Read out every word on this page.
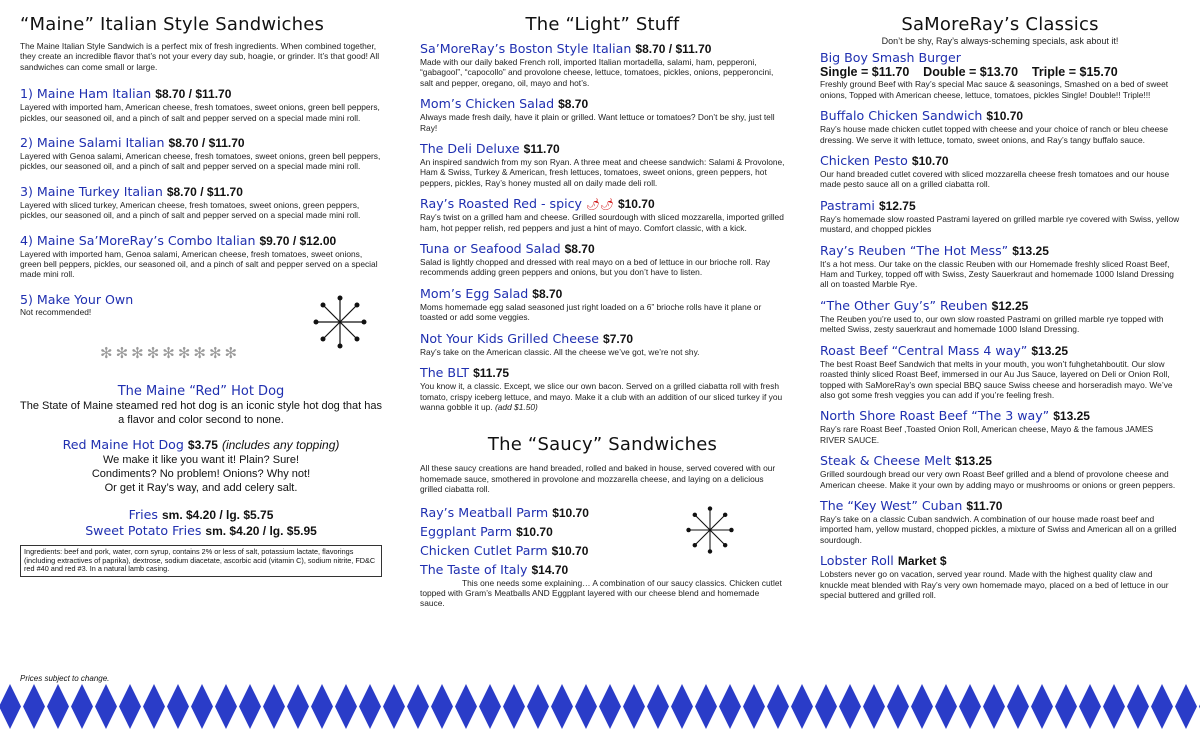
“Maine” Italian Style Sandwiches

The Maine Italian Style Sandwich is a perfect mix of fresh ingredients. When combined together, they create an incredible flavor that’s not your every day sub, hoagie, or grinder. It’s that good! All sandwiches can come small or large.

1) Maine Ham Italian $8.70 / $11.70

Layered with imported ham, American cheese, fresh tomatoes, sweet onions, green bell peppers, pickles, our seasoned oil, and a pinch of salt and pepper served on a special made mini roll.

2) Maine Salami Italian $8.70 / $11.70

Layered with Genoa salami, American cheese, fresh tomatoes, sweet onions, green bell peppers, pickles, our seasoned oil, and a pinch of salt and pepper served on a special made mini roll.

3) Maine Turkey Italian $8.70 / $11.70

Layered with sliced turkey, American cheese, fresh tomatoes, sweet onions, green peppers, pickles, our seasoned oil, and a pinch of salt and pepper served on a special made mini roll.

4) Maine Sa’MoreRay’s Combo Italian $9.70 / $12.00

Layered with imported ham, Genoa salami, American cheese, fresh tomatoes, sweet onions, green bell peppers, pickles, our seasoned oil, and a pinch of salt and pepper served on a special made mini roll.

5) Make Your Own

Not recommended!

✻✻✻✻✻✻✻✻✻
The Maine “Red” Hot Dog

The State of Maine steamed red hot dog is an iconic style hot dog that has a flavor and color second to none.

Red Maine Hot Dog $3.75 (includes any topping)

We make it like you want it! Plain? Sure!

Condiments? No problem! Onions? Why not!

Or get it Ray’s way, and add celery salt.

Fries sm. $4.20 / lg. $5.75
Sweet Potato Fries sm. $4.20 / lg. $5.95
Ingredients: beef and pork, water, corn syrup, contains 2% or less of salt, potassium lactate, flavorings (including extractives of paprika), dextrose, sodium diacetate, ascorbic acid (vitamin C), sodium nitrite, FD&C red #40 and red #3. In a natural lamb casing.
Prices subject to change.
The “Light” Stuff
Sa’MoreRay’s Boston Style Italian $8.70 / $11.70

Made with our daily baked French roll, imported Italian mortadella, salami, ham, pepperoni, “gabagool”, “capocollo” and provolone cheese, lettuce, tomatoes, pickles, onions, pepperoncini, salt and pepper, oregano, oil, mayo and hot’s.

Mom’s Chicken Salad $8.70

Always made fresh daily, have it plain or grilled. Want lettuce or tomatoes? Don’t be shy, just tell Ray!

The Deli Deluxe $11.70

An inspired sandwich from my son Ryan. A three meat and cheese sandwich: Salami & Provolone, Ham & Swiss, Turkey & American, fresh lettuces, tomatoes, sweet onions, green peppers, hot peppers, pickles, Ray’s honey musted all on daily made deli roll.

Ray’s Roasted Red - spicy 🌶🌶 $10.70

Ray’s twist on a grilled ham and cheese. Grilled sourdough with sliced mozzarella, imported grilled ham, hot pepper relish, red peppers and just a hint of mayo. Comfort classic, with a kick.

Tuna or Seafood Salad $8.70

Salad is lightly chopped and dressed with real mayo on a bed of lettuce in our brioche roll. Ray recommends adding green peppers and onions, but you don’t have to listen.

Mom’s Egg Salad $8.70

Moms homemade egg salad seasoned just right loaded on a 6” brioche rolls have it plane or toasted or add some veggies.

Not Your Kids Grilled Cheese $7.70

Ray’s take on the American classic. All the cheese we’ve got, we’re not shy.

The BLT $11.75

You know it, a classic. Except, we slice our own bacon. Served on a grilled ciabatta roll with fresh tomato, crispy iceberg lettuce, and mayo. Make it a club with an addition of our sliced turkey if you wanna gobble it up. (add $1.50)

The “Saucy” Sandwiches

All these saucy creations are hand breaded, rolled and baked in house, served covered with our homemade sauce, smothered in provolone and mozzarella cheese, and laying on a delicious grilled ciabatta roll.

Ray’s Meatball Parm $10.70
Eggplant Parm $10.70
Chicken Cutlet Parm $10.70
The Taste of Italy $14.70

This one needs some explaining… A combination of our saucy classics. Chicken cutlet topped with Gram’s Meatballs AND Eggplant layered with our cheese blend and homemade sauce.

SaMoreRay’s Classics

Don’t be shy, Ray’s always-scheming specials, ask about it!

Big Boy Smash Burger
Single = $11.70    Double = $13.70    Triple = $15.70

Freshly ground Beef with Ray’s special Mac sauce & seasonings, Smashed on a bed of sweet onions, Topped with American cheese, lettuce, tomatoes, pickles Single! Double!! Triple!!!

Buffalo Chicken Sandwich $10.70

Ray’s house made chicken cutlet topped with cheese and your choice of ranch or bleu cheese dressing. We serve it with lettuce, tomato, sweet onions, and Ray’s tangy buffalo sauce.

Chicken Pesto $10.70

Our hand breaded cutlet covered with sliced mozzarella cheese fresh tomatoes and our house made pesto sauce all on a grilled ciabatta roll.

Pastrami $12.75

Ray’s homemade slow roasted Pastrami layered on grilled marble rye covered with Swiss, yellow mustard, and chopped pickles

Ray’s Reuben “The Hot Mess” $13.25

It’s a hot mess. Our take on the classic Reuben with our Homemade freshly sliced Roast Beef, Ham and Turkey, topped off with Swiss, Zesty Sauerkraut and homemade 1000 Island Dressing all on toasted Marble Rye.

“The Other Guy’s” Reuben $12.25

The Reuben you’re used to, our own slow roasted Pastrami on grilled marble rye topped with melted Swiss, zesty sauerkraut and homemade 1000 Island Dressing.

Roast Beef “Central Mass 4 way” $13.25

The best Roast Beef Sandwich that melts in your mouth, you won’t fuhghetahboutit. Our slow roasted thinly sliced Roast Beef, immersed in our Au Jus Sauce, layered on Deli or Onion Roll, topped with SaMoreRay’s own special BBQ sauce Swiss cheese and horseradish mayo. We’ve also got some fresh veggies you can add if you’re feeling fresh.

North Shore Roast Beef “The 3 way” $13.25

Ray’s rare Roast Beef ,Toasted Onion Roll, American cheese, Mayo & the famous JAMES RIVER SAUCE.

Steak & Cheese Melt $13.25

Grilled sourdough bread our very own Roast Beef grilled and a blend of provolone cheese and American cheese. Make it your own by adding mayo or mushrooms or onions or green peppers.

The “Key West” Cuban $11.70

Ray’s take on a classic Cuban sandwich. A combination of our house made roast beef and imported ham, yellow mustard, chopped pickles, a mixture of Swiss and American all on a grilled sourdough.

Lobster Roll Market $

Lobsters never go on vacation, served year round. Made with the highest quality claw and knuckle meat blended with Ray’s very own homemade mayo, placed on a bed of lettuce in our special buttered and grilled roll.
